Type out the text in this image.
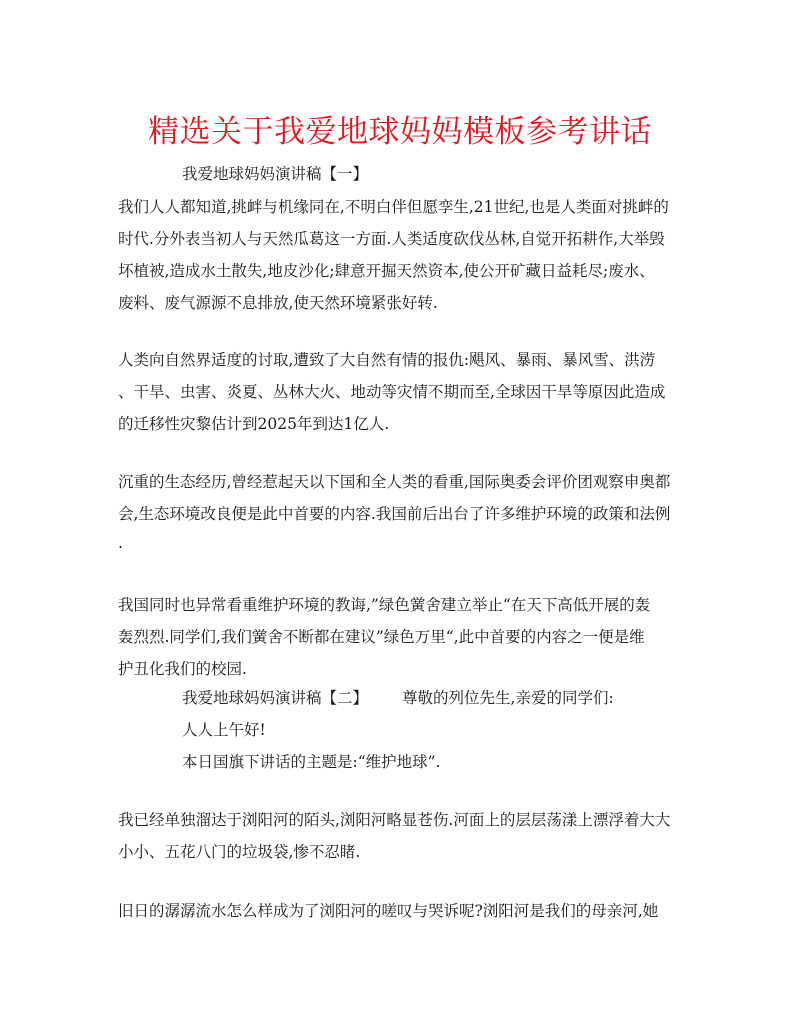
精选关于我爱地球妈妈模板参考讲话
我爱地球妈妈演讲稿【一】
我们人人都知道,挑衅与机缘同在,不明白伴但愿孪生,21世纪,也是人类面对挑衅的
时代.分外表当初人与天然瓜葛这一方面.人类适度砍伐丛林,自觉开拓耕作,大举毁
坏植被,造成水土散失,地皮沙化;肆意开掘天然资本,使公开矿藏日益耗尽;废水、
废料、废气源源不息排放,使天然环境紧张好转.
人类向自然界适度的讨取,遭致了大自然有情的报仇:飓风、暴雨、暴风雪、洪涝
、干旱、虫害、炎夏、丛林大火、地动等灾情不期而至,全球因干旱等原因此造成
的迁移性灾黎估计到2025年到达1亿人.
沉重的生态经历,曾经惹起天以下国和全人类的看重,国际奥委会评价团观察申奥都
会,生态环境改良便是此中首要的内容.我国前后出台了许多维护环境的政策和法例
.
我国同时也异常看重维护环境的教诲,”绿色黉舍建立举止“在天下高低开展的轰
轰烈烈.同学们,我们黉舍不断都在建议”绿色万里“,此中首要的内容之一便是维
护丑化我们的校园.
我爱地球妈妈演讲稿【二】 尊敬的列位先生,亲爱的同学们:
人人上午好!
本日国旗下讲话的主题是:“维护地球”.
我已经单独溜达于浏阳河的陌头,浏阳河略显苍伤.河面上的层层荡漾上漂浮着大大
小小、五花八门的垃圾袋,惨不忍睹.
旧日的潺潺流水怎么样成为了浏阳河的嗟叹与哭诉呢?浏阳河是我们的母亲河,她
